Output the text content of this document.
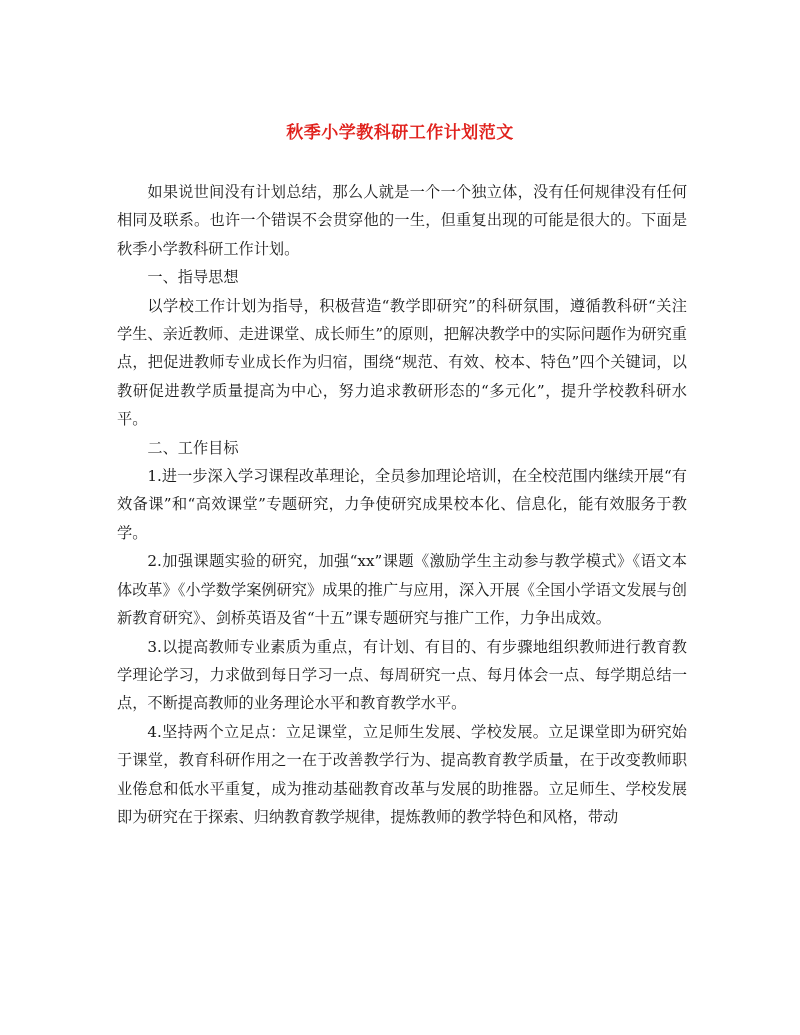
秋季小学教科研工作计划范文

如果说世间没有计划总结，那么人就是一个一个独立体，没有任何规律没有任何相同及联系。也许一个错误不会贯穿他的一生，但重复出现的可能是很大的。下面是秋季小学教科研工作计划。

一、指导思想

以学校工作计划为指导，积极营造“教学即研究”的科研氛围，遵循教科研“关注学生、亲近教师、走进课堂、成长师生”的原则，把解决教学中的实际问题作为研究重点，把促进教师专业成长作为归宿，围绕“规范、有效、校本、特色”四个关键词，以教研促进教学质量提高为中心，努力追求教研形态的“多元化”，提升学校教科研水平。

二、工作目标

1.进一步深入学习课程改革理论，全员参加理论培训，在全校范围内继续开展“有效备课”和“高效课堂”专题研究，力争使研究成果校本化、信息化，能有效服务于教学。

2.加强课题实验的研究，加强“xx”课题《激励学生主动参与教学模式》《语文本体改革》《小学数学案例研究》成果的推广与应用，深入开展《全国小学语文发展与创新教育研究》、剑桥英语及省“十五”课专题研究与推广工作，力争出成效。

3.以提高教师专业素质为重点，有计划、有目的、有步骤地组织教师进行教育教学理论学习，力求做到每日学习一点、每周研究一点、每月体会一点、每学期总结一点，不断提高教师的业务理论水平和教育教学水平。

4.坚持两个立足点：立足课堂，立足师生发展、学校发展。立足课堂即为研究始于课堂，教育科研作用之一在于改善教学行为、提高教育教学质量，在于改变教师职业倦怠和低水平重复，成为推动基础教育改革与发展的助推器。立足师生、学校发展即为研究在于探索、归纳教育教学规律，提炼教师的教学特色和风格，带动
